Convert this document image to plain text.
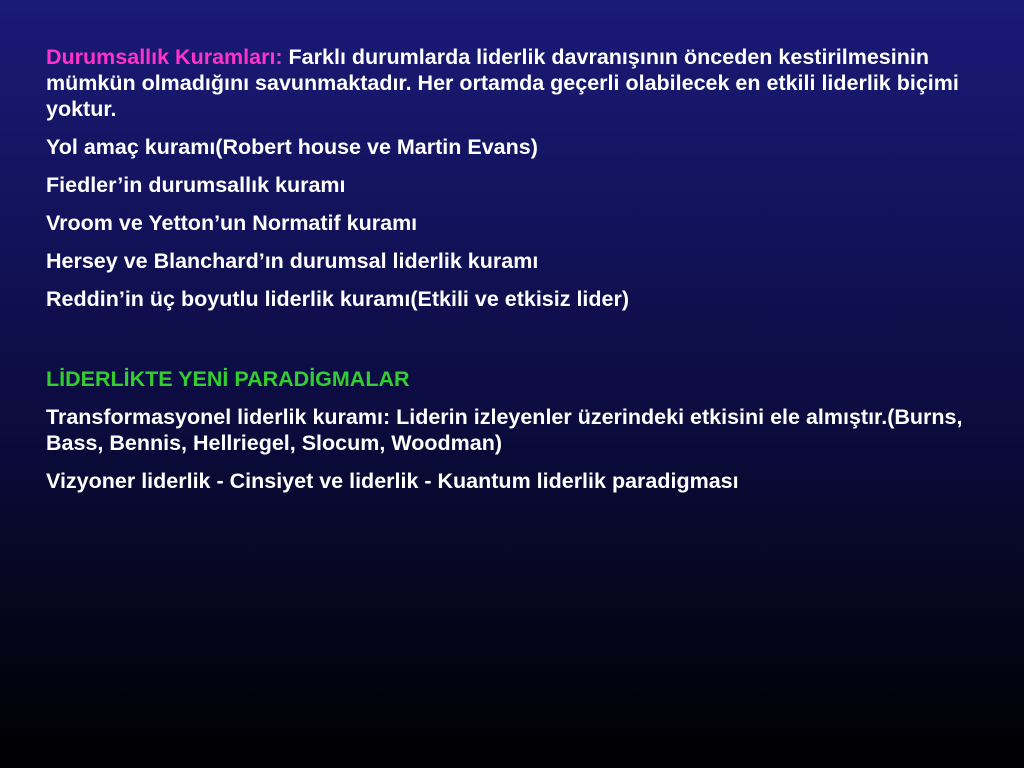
Durumsallık Kuramları: Farklı durumlarda liderlik davranışının önceden kestirilmesinin mümkün olmadığını savunmaktadır. Her ortamda geçerli olabilecek en etkili liderlik biçimi yoktur.

Yol amaç kuramı(Robert house ve Martin Evans)

Fiedler’in durumsallık kuramı

Vroom ve Yetton’un Normatif kuramı

Hersey ve Blanchard’ın durumsal liderlik kuramı

Reddin’in üç boyutlu liderlik kuramı(Etkili ve etkisiz lider)

LİDERLİKTE YENİ PARADİGMALAR

Transformasyonel liderlik kuramı: Liderin izleyenler üzerindeki etkisini ele almıştır.(Burns, Bass, Bennis, Hellriegel, Slocum, Woodman)

Vizyoner liderlik - Cinsiyet ve liderlik - Kuantum liderlik paradigması
